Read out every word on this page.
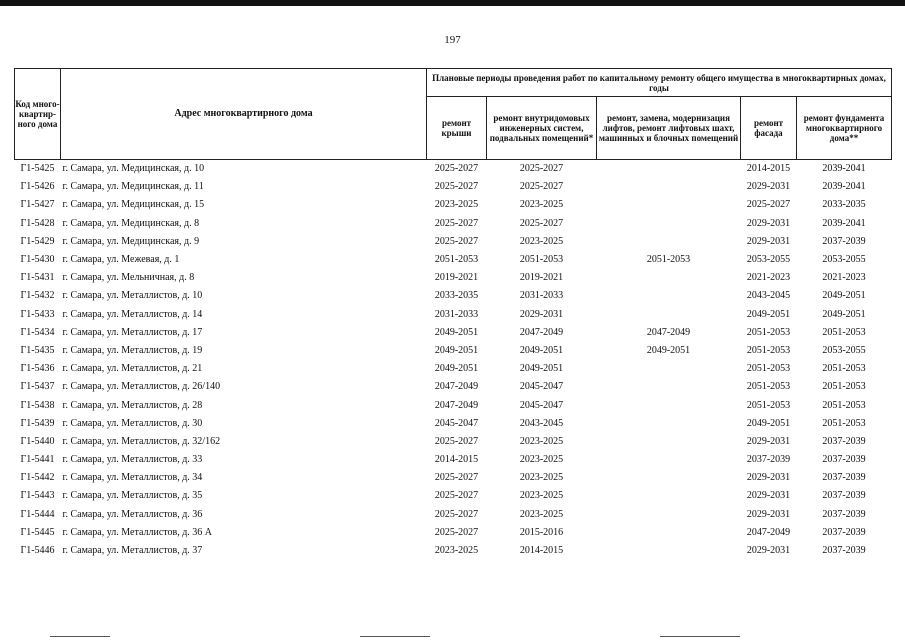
197
Код много-квартир-ного дома	Адрес многоквартирного дома	Плановые периоды проведения работ по капитальному ремонту общего имущества в многоквартирных домах, годы				
		ремонт крыши	ремонт внутридомовых инженерных систем, подвальных помещений*	ремонт, замена, модернизация лифтов, ремонт лифтовых шахт, машинных и блочных помещений	ремонт фасада	ремонт фундамента многоквартирного дома**
Г1-5425	г. Самара, ул. Медицинская, д. 10	2025-2027	2025-2027		2014-2015	2039-2041
Г1-5426	г. Самара, ул. Медицинская, д. 11	2025-2027	2025-2027		2029-2031	2039-2041
Г1-5427	г. Самара, ул. Медицинская, д. 15	2023-2025	2023-2025		2025-2027	2033-2035
Г1-5428	г. Самара, ул. Медицинская, д. 8	2025-2027	2025-2027		2029-2031	2039-2041
Г1-5429	г. Самара, ул. Медицинская, д. 9	2025-2027	2023-2025		2029-2031	2037-2039
Г1-5430	г. Самара, ул. Межевая, д. 1	2051-2053	2051-2053	2051-2053	2053-2055	2053-2055
Г1-5431	г. Самара, ул. Мельничная, д. 8	2019-2021	2019-2021		2021-2023	2021-2023
Г1-5432	г. Самара, ул. Металлистов, д. 10	2033-2035	2031-2033		2043-2045	2049-2051
Г1-5433	г. Самара, ул. Металлистов, д. 14	2031-2033	2029-2031		2049-2051	2049-2051
Г1-5434	г. Самара, ул. Металлистов, д. 17	2049-2051	2047-2049	2047-2049	2051-2053	2051-2053
Г1-5435	г. Самара, ул. Металлистов, д. 19	2049-2051	2049-2051	2049-2051	2051-2053	2053-2055
Г1-5436	г. Самара, ул. Металлистов, д. 21	2049-2051	2049-2051		2051-2053	2051-2053
Г1-5437	г. Самара, ул. Металлистов, д. 26/140	2047-2049	2045-2047		2051-2053	2051-2053
Г1-5438	г. Самара, ул. Металлистов, д. 28	2047-2049	2045-2047		2051-2053	2051-2053
Г1-5439	г. Самара, ул. Металлистов, д. 30	2045-2047	2043-2045		2049-2051	2051-2053
Г1-5440	г. Самара, ул. Металлистов, д. 32/162	2025-2027	2023-2025		2029-2031	2037-2039
Г1-5441	г. Самара, ул. Металлистов, д. 33	2014-2015	2023-2025		2037-2039	2037-2039
Г1-5442	г. Самара, ул. Металлистов, д. 34	2025-2027	2023-2025		2029-2031	2037-2039
Г1-5443	г. Самара, ул. Металлистов, д. 35	2025-2027	2023-2025		2029-2031	2037-2039
Г1-5444	г. Самара, ул. Металлистов, д. 36	2025-2027	2023-2025		2029-2031	2037-2039
Г1-5445	г. Самара, ул. Металлистов, д. 36 А	2025-2027	2015-2016		2047-2049	2037-2039
Г1-5446	г. Самара, ул. Металлистов, д. 37	2023-2025	2014-2015		2029-2031	2037-2039
